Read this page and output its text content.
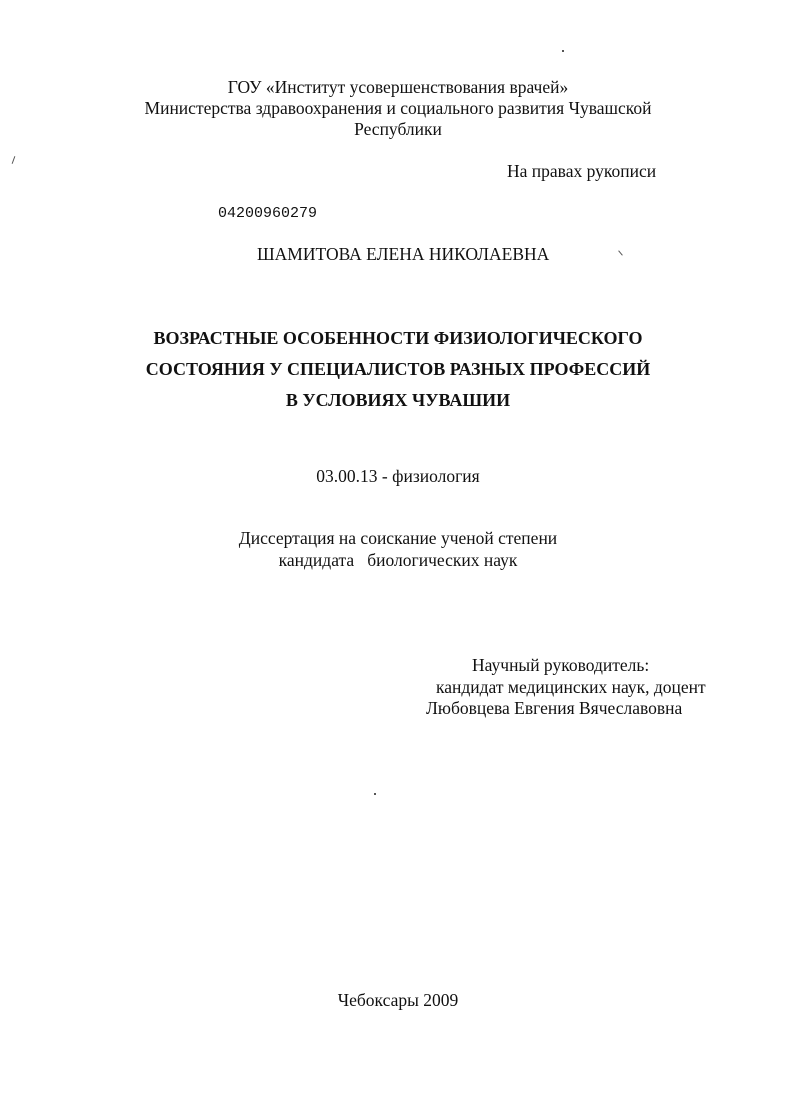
ГОУ «Институт усовершенствования врачей»
Министерства здравоохранения и социального развития Чувашской
Республики
На правах рукописи
04200960279
ШАМИТОВА ЕЛЕНА НИКОЛАЕВНА
ВОЗРАСТНЫЕ ОСОБЕННОСТИ ФИЗИОЛОГИЧЕСКОГО
СОСТОЯНИЯ У СПЕЦИАЛИСТОВ РАЗНЫХ ПРОФЕССИЙ
В УСЛОВИЯХ ЧУВАШИИ
03.00.13 - физиология
Диссертация на соискание ученой степени
кандидата   биологических наук
Научный руководитель:
кандидат медицинских наук, доцент
Любовцева Евгения Вячеславовна
Чебоксары 2009
